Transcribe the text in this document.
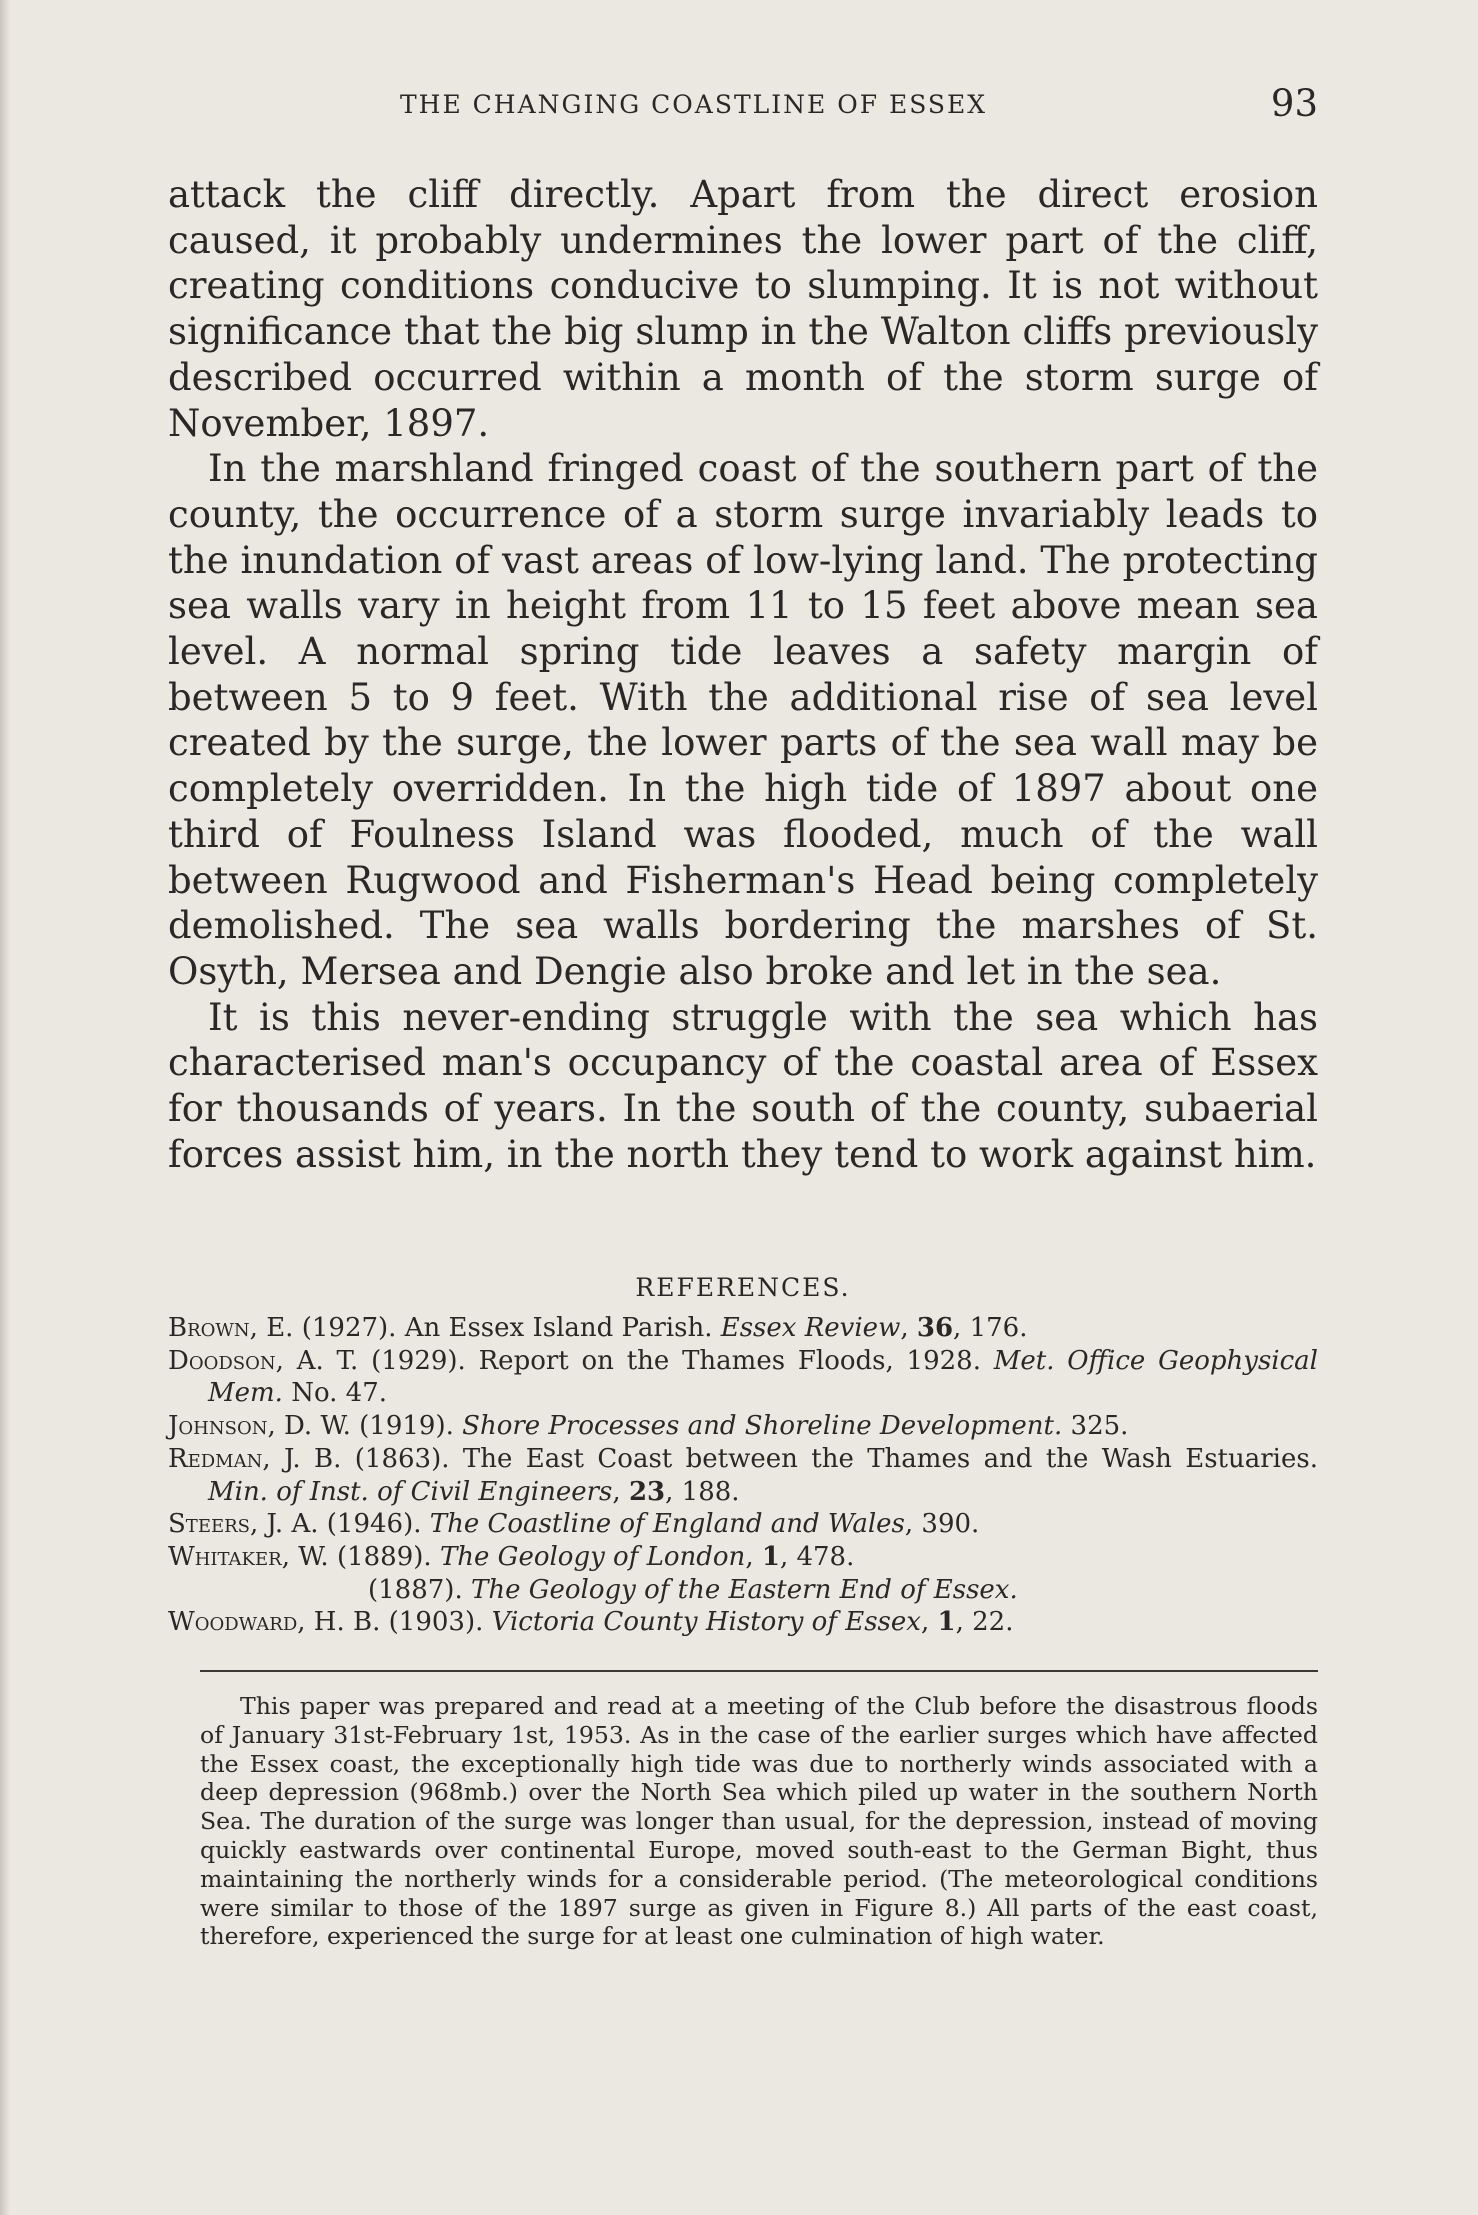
THE CHANGING COASTLINE OF ESSEX	93

attack the cliff directly. Apart from the direct erosion caused, it probably undermines the lower part of the cliff, creating conditions conducive to slumping. It is not without significance that the big slump in the Walton cliffs previously described occurred within a month of the storm surge of November, 1897.

In the marshland fringed coast of the southern part of the county, the occurrence of a storm surge invariably leads to the inundation of vast areas of low-lying land. The protecting sea walls vary in height from 11 to 15 feet above mean sea level. A normal spring tide leaves a safety margin of between 5 to 9 feet. With the additional rise of sea level created by the surge, the lower parts of the sea wall may be completely overridden. In the high tide of 1897 about one third of Foulness Island was flooded, much of the wall between Rugwood and Fisherman's Head being completely demolished. The sea walls bordering the marshes of St. Osyth, Mersea and Dengie also broke and let in the sea.

It is this never-ending struggle with the sea which has characterised man's occupancy of the coastal area of Essex for thousands of years. In the south of the county, subaerial forces assist him, in the north they tend to work against him.

REFERENCES.

Brown, E. (1927). An Essex Island Parish. Essex Review, 36, 176.

Doodson, A. T. (1929). Report on the Thames Floods, 1928. Met. Office Geophysical Mem. No. 47.

Johnson, D. W. (1919). Shore Processes and Shoreline Development. 325.

Redman, J. B. (1863). The East Coast between the Thames and the Wash Estuaries. Min. of Inst. of Civil Engineers, 23, 188.

Steers, J. A. (1946). The Coastline of England and Wales, 390.

Whitaker, W. (1889). The Geology of London, 1, 478.

(1887). The Geology of the Eastern End of Essex.

Woodward, H. B. (1903). Victoria County History of Essex, 1, 22.

This paper was prepared and read at a meeting of the Club before the disastrous floods of January 31st-February 1st, 1953. As in the case of the earlier surges which have affected the Essex coast, the exceptionally high tide was due to northerly winds associated with a deep depression (968mb.) over the North Sea which piled up water in the southern North Sea. The duration of the surge was longer than usual, for the depression, instead of moving quickly eastwards over continental Europe, moved south-east to the German Bight, thus maintaining the northerly winds for a considerable period. (The meteorological conditions were similar to those of the 1897 surge as given in Figure 8.) All parts of the east coast, therefore, experienced the surge for at least one culmination of high water.
